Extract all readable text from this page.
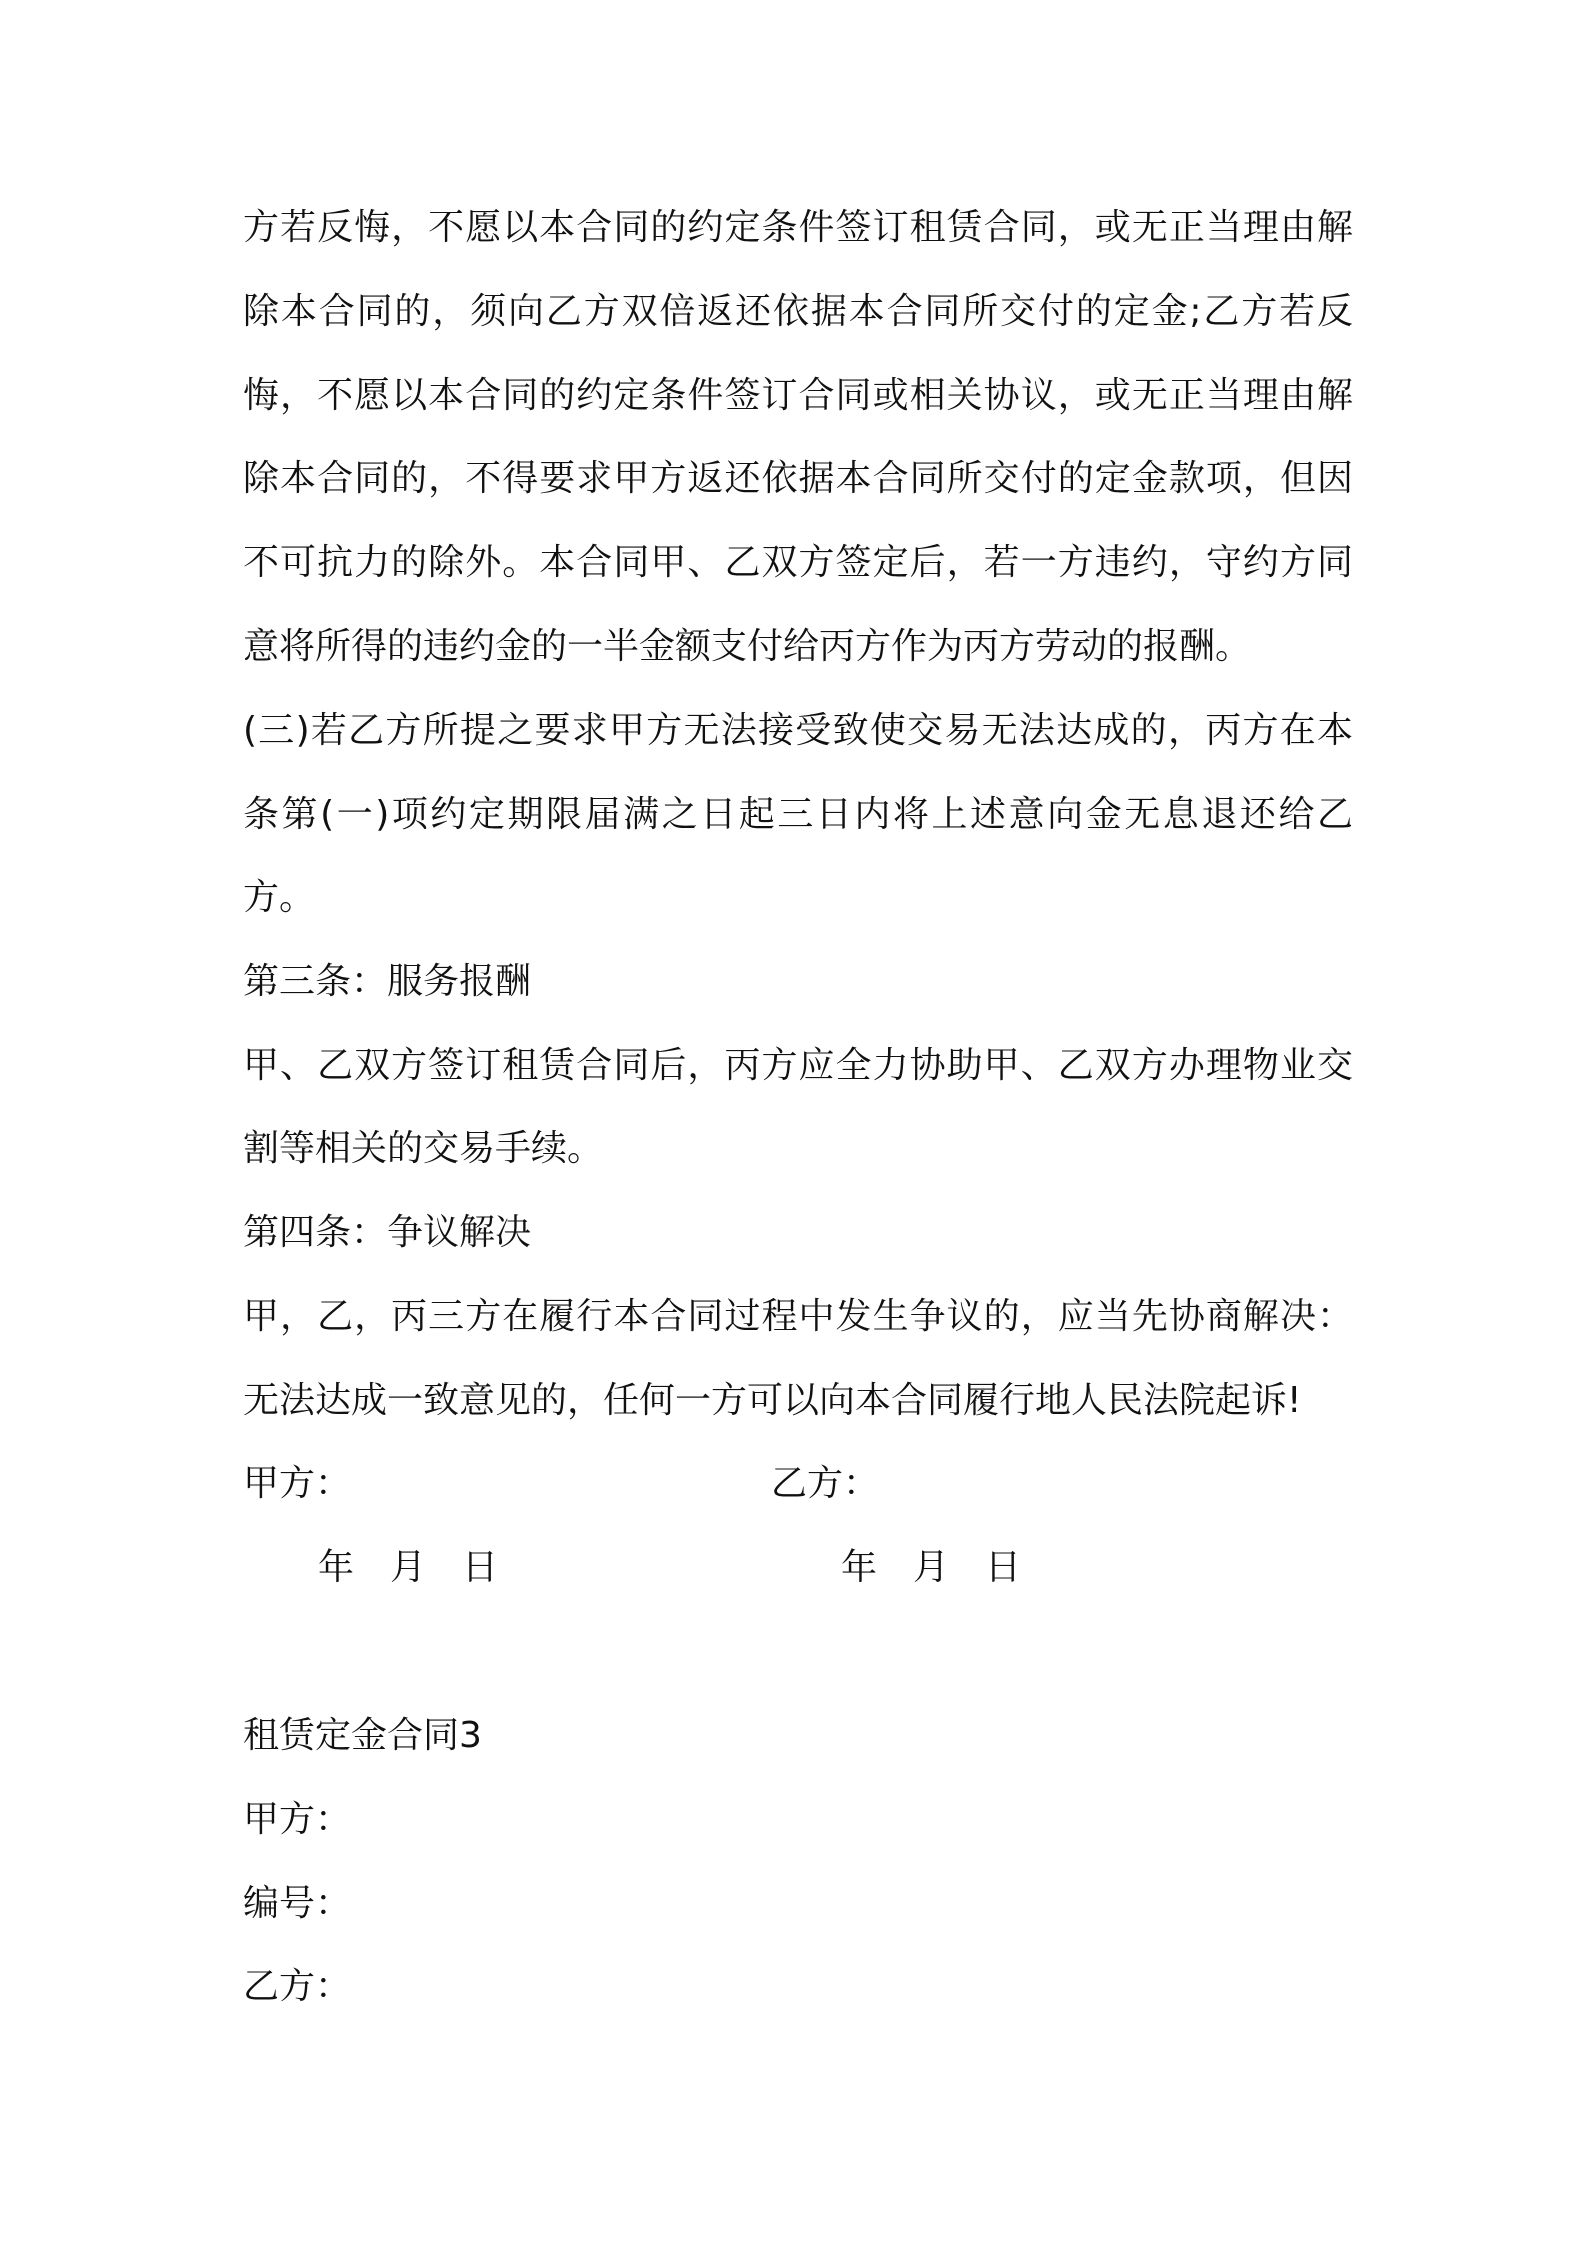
方若反悔，不愿以本合同的约定条件签订租赁合同，或无正当理由解
除本合同的，须向乙方双倍返还依据本合同所交付的定金;乙方若反
悔，不愿以本合同的约定条件签订合同或相关协议，或无正当理由解
除本合同的，不得要求甲方返还依据本合同所交付的定金款项，但因
不可抗力的除外。本合同甲、乙双方签定后，若一方违约，守约方同
意将所得的违约金的一半金额支付给丙方作为丙方劳动的报酬。
(三)若乙方所提之要求甲方无法接受致使交易无法达成的，丙方在本
条第(一)项约定期限届满之日起三日内将上述意向金无息退还给乙
方。
第三条：服务报酬
甲、乙双方签订租赁合同后，丙方应全力协助甲、乙双方办理物业交
割等相关的交易手续。
第四条：争议解决
甲，乙，丙三方在履行本合同过程中发生争议的，应当先协商解决：
无法达成一致意见的，任何一方可以向本合同履行地人民法院起诉!
甲方：	乙方：
年 月 日	年 月 日
租赁定金合同3
甲方：
编号：
乙方：
